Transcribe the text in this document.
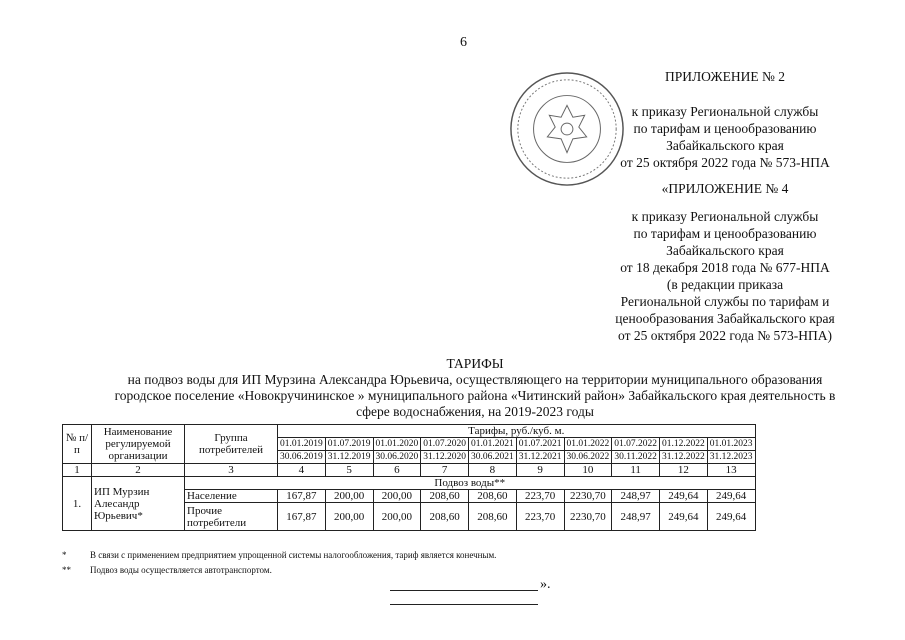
6
ПРИЛОЖЕНИЕ № 2
к приказу Региональной службы
по тарифам и ценообразованию
Забайкальского края
от 25 октября 2022 года № 573-НПА
«ПРИЛОЖЕНИЕ № 4
к приказу Региональной службы
по тарифам и ценообразованию
Забайкальского края
от 18 декабря 2018 года № 677-НПА
(в редакции приказа
Региональной службы по тарифам и
ценообразования Забайкальского края
от 25 октября 2022 года № 573-НПА)
ТАРИФЫ
на подвоз воды для ИП Мурзина Александра Юрьевича, осуществляющего на территории муниципального образования
городское поселение «Новокручининское » муниципального района «Читинский район» Забайкальского края деятельность в
сфере водоснабжения, на 2019-2023 годы
№ п/п	Наименование регулируемой организации	Группа потребителей	Тарифы, руб./куб. м.									
			01.01.2019	01.07.2019	01.01.2020	01.07.2020	01.01.2021	01.07.2021	01.01.2022	01.07.2022	01.12.2022	01.01.2023
			30.06.2019	31.12.2019	30.06.2020	31.12.2020	30.06.2021	31.12.2021	30.06.2022	30.11.2022	31.12.2022	31.12.2023
1	2	3	4	5	6	7	8	9	10	11	12	13
1.	ИП Мурзин Алесандр Юрьевич*	Подвоз воды**										
		Население	167,87	200,00	200,00	208,60	208,60	223,70	2230,70	248,97	249,64	249,64
		Прочие потребители	167,87	200,00	200,00	208,60	208,60	223,70	2230,70	248,97	249,64	249,64
*	В связи с применением предприятием упрощенной системы налогообложения, тариф является конечным.
** Подвоз воды осуществляется автотранспортом.
».
